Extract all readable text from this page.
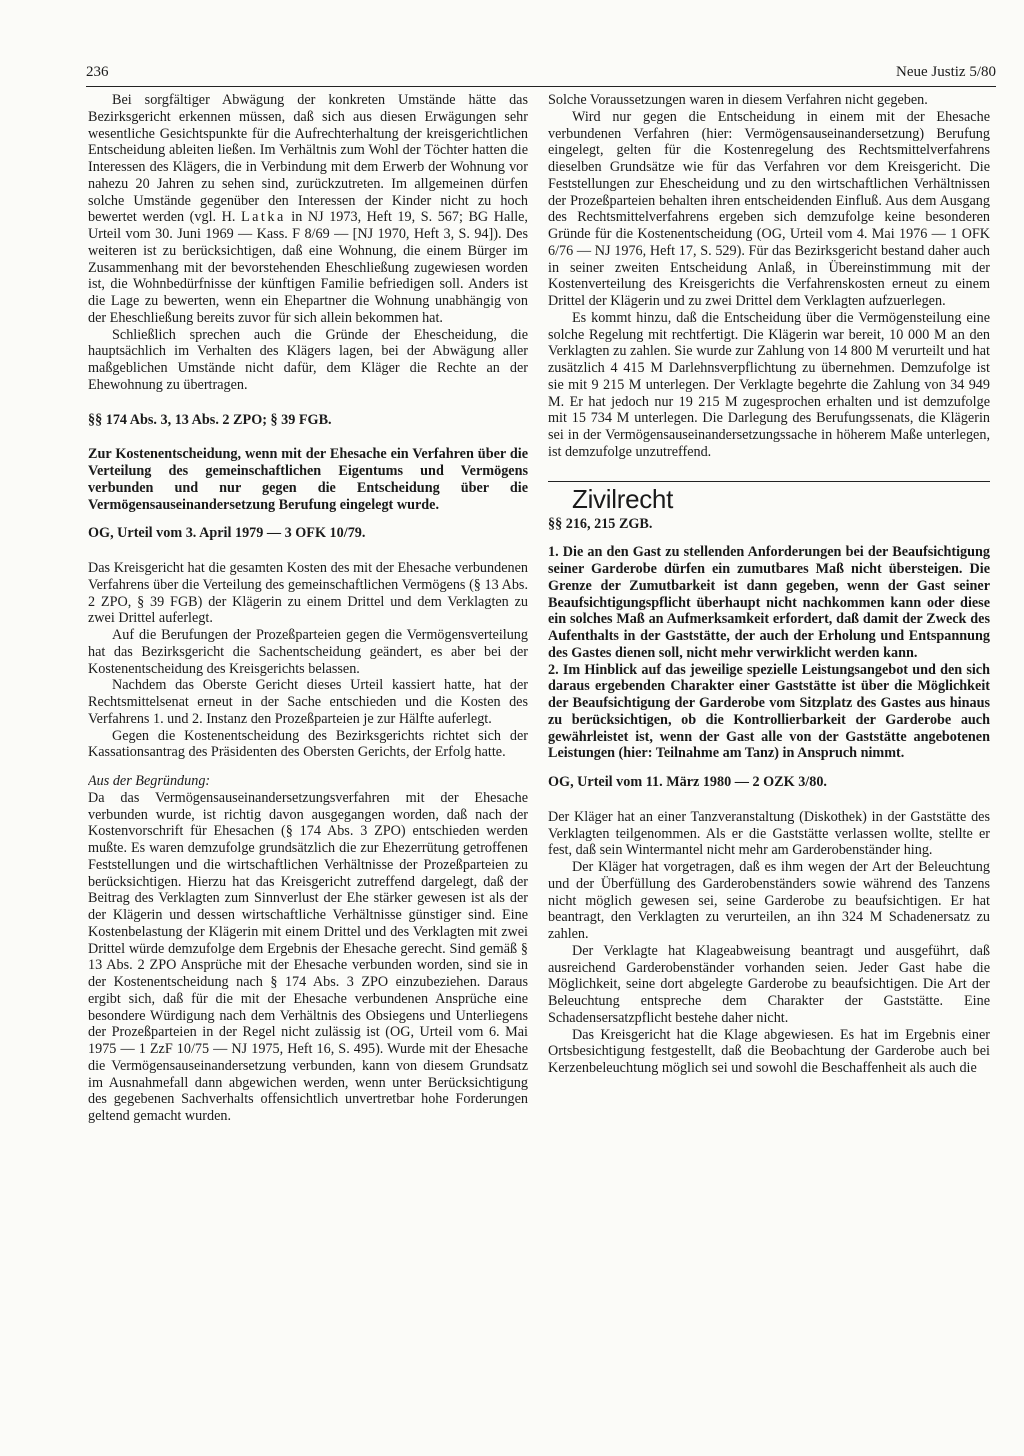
236	Neue Justiz 5/80

Bei sorgfältiger Abwägung der konkreten Umstände hätte das Bezirksgericht erkennen müssen, daß sich aus diesen Erwägungen sehr wesentliche Gesichtspunkte für die Aufrechterhaltung der kreisgerichtlichen Entscheidung ableiten ließen. Im Verhältnis zum Wohl der Töchter hatten die Interessen des Klägers, die in Verbindung mit dem Erwerb der Wohnung vor nahezu 20 Jahren zu sehen sind, zurückzutreten. Im allgemeinen dürfen solche Umstände gegenüber den Interessen der Kinder nicht zu hoch bewertet werden (vgl. H. Latka in NJ 1973, Heft 19, S. 567; BG Halle, Urteil vom 30. Juni 1969 — Kass. F 8/69 — [NJ 1970, Heft 3, S. 94]). Des weiteren ist zu berücksichtigen, daß eine Wohnung, die einem Bürger im Zusammenhang mit der bevorstehenden Eheschließung zugewiesen worden ist, die Wohnbedürfnisse der künftigen Familie befriedigen soll. Anders ist die Lage zu bewerten, wenn ein Ehepartner die Wohnung unabhängig von der Eheschließung bereits zuvor für sich allein bekommen hat.

Schließlich sprechen auch die Gründe der Ehescheidung, die hauptsächlich im Verhalten des Klägers lagen, bei der Abwägung aller maßgeblichen Umstände nicht dafür, dem Kläger die Rechte an der Ehewohnung zu übertragen.

§§ 174 Abs. 3, 13 Abs. 2 ZPO; § 39 FGB.

Zur Kostenentscheidung, wenn mit der Ehesache ein Verfahren über die Verteilung des gemeinschaftlichen Eigentums und Vermögens verbunden und nur gegen die Entscheidung über die Vermögensauseinandersetzung Berufung eingelegt wurde.

OG, Urteil vom 3. April 1979 — 3 OFK 10/79.

Das Kreisgericht hat die gesamten Kosten des mit der Ehesache verbundenen Verfahrens über die Verteilung des gemeinschaftlichen Vermögens (§ 13 Abs. 2 ZPO, § 39 FGB) der Klägerin zu einem Drittel und dem Verklagten zu zwei Drittel auferlegt.

Auf die Berufungen der Prozeßparteien gegen die Vermögensverteilung hat das Bezirksgericht die Sachentscheidung geändert, es aber bei der Kostenentscheidung des Kreisgerichts belassen.

Nachdem das Oberste Gericht dieses Urteil kassiert hatte, hat der Rechtsmittelsenat erneut in der Sache entschieden und die Kosten des Verfahrens 1. und 2. Instanz den Prozeßparteien je zur Hälfte auferlegt.

Gegen die Kostenentscheidung des Bezirksgerichts richtet sich der Kassationsantrag des Präsidenten des Obersten Gerichts, der Erfolg hatte.

Aus der Begründung:

Da das Vermögensauseinandersetzungsverfahren mit der Ehesache verbunden wurde, ist richtig davon ausgegangen worden, daß nach der Kostenvorschrift für Ehesachen (§ 174 Abs. 3 ZPO) entschieden werden mußte. Es waren demzufolge grundsätzlich die zur Ehezerrütung getroffenen Feststellungen und die wirtschaftlichen Verhältnisse der Prozeßparteien zu berücksichtigen. Hierzu hat das Kreisgericht zutreffend dargelegt, daß der Beitrag des Verklagten zum Sinnverlust der Ehe stärker gewesen ist als der der Klägerin und dessen wirtschaftliche Verhältnisse günstiger sind. Eine Kostenbelastung der Klägerin mit einem Drittel und des Verklagten mit zwei Drittel würde demzufolge dem Ergebnis der Ehesache gerecht. Sind gemäß § 13 Abs. 2 ZPO Ansprüche mit der Ehesache verbunden worden, sind sie in der Kostenentscheidung nach § 174 Abs. 3 ZPO einzubeziehen. Daraus ergibt sich, daß für die mit der Ehesache verbundenen Ansprüche eine besondere Würdigung nach dem Verhältnis des Obsiegens und Unterliegens der Prozeßparteien in der Regel nicht zulässig ist (OG, Urteil vom 6. Mai 1975 — 1 ZzF 10/75 — NJ 1975, Heft 16, S. 495). Wurde mit der Ehesache die Vermögensauseinandersetzung verbunden, kann von diesem Grundsatz im Ausnahmefall dann abgewichen werden, wenn unter Berücksichtigung des gegebenen Sachverhalts offensichtlich unvertretbar hohe Forderungen geltend gemacht wurden.

Solche Voraussetzungen waren in diesem Verfahren nicht gegeben.

Wird nur gegen die Entscheidung in einem mit der Ehesache verbundenen Verfahren (hier: Vermögensauseinandersetzung) Berufung eingelegt, gelten für die Kostenregelung des Rechtsmittelverfahrens dieselben Grundsätze wie für das Verfahren vor dem Kreisgericht. Die Feststellungen zur Ehescheidung und zu den wirtschaftlichen Verhältnissen der Prozeßparteien behalten ihren entscheidenden Einfluß. Aus dem Ausgang des Rechtsmittelverfahrens ergeben sich demzufolge keine besonderen Gründe für die Kostenentscheidung (OG, Urteil vom 4. Mai 1976 — 1 OFK 6/76 — NJ 1976, Heft 17, S. 529). Für das Bezirksgericht bestand daher auch in seiner zweiten Entscheidung Anlaß, in Übereinstimmung mit der Kostenverteilung des Kreisgerichts die Verfahrenskosten erneut zu einem Drittel der Klägerin und zu zwei Drittel dem Verklagten aufzuerlegen.

Es kommt hinzu, daß die Entscheidung über die Vermögensteilung eine solche Regelung mit rechtfertigt. Die Klägerin war bereit, 10 000 M an den Verklagten zu zahlen. Sie wurde zur Zahlung von 14 800 M verurteilt und hat zusätzlich 4 415 M Darlehnsverpflichtung zu übernehmen. Demzufolge ist sie mit 9 215 M unterlegen. Der Verklagte begehrte die Zahlung von 34 949 M. Er hat jedoch nur 19 215 M zugesprochen erhalten und ist demzufolge mit 15 734 M unterlegen. Die Darlegung des Berufungssenats, die Klägerin sei in der Vermögensauseinandersetzungssache in höherem Maße unterlegen, ist demzufolge unzutreffend.

Zivilrecht

§§ 216, 215 ZGB.

1. Die an den Gast zu stellenden Anforderungen bei der Beaufsichtigung seiner Garderobe dürfen ein zumutbares Maß nicht übersteigen. Die Grenze der Zumutbarkeit ist dann gegeben, wenn der Gast seiner Beaufsichtigungspflicht überhaupt nicht nachkommen kann oder diese ein solches Maß an Aufmerksamkeit erfordert, daß damit der Zweck des Aufenthalts in der Gaststätte, der auch der Erholung und Entspannung des Gastes dienen soll, nicht mehr verwirklicht werden kann.

2. Im Hinblick auf das jeweilige spezielle Leistungsangebot und den sich daraus ergebenden Charakter einer Gaststätte ist über die Möglichkeit der Beaufsichtigung der Garderobe vom Sitzplatz des Gastes aus hinaus zu berücksichtigen, ob die Kontrollierbarkeit der Garderobe auch gewährleistet ist, wenn der Gast alle von der Gaststätte angebotenen Leistungen (hier: Teilnahme am Tanz) in Anspruch nimmt.

OG, Urteil vom 11. März 1980 — 2 OZK 3/80.

Der Kläger hat an einer Tanzveranstaltung (Diskothek) in der Gaststätte des Verklagten teilgenommen. Als er die Gaststätte verlassen wollte, stellte er fest, daß sein Wintermantel nicht mehr am Garderobenständer hing.

Der Kläger hat vorgetragen, daß es ihm wegen der Art der Beleuchtung und der Überfüllung des Garderobenständers sowie während des Tanzens nicht möglich gewesen sei, seine Garderobe zu beaufsichtigen. Er hat beantragt, den Verklagten zu verurteilen, an ihn 324 M Schadenersatz zu zahlen.

Der Verklagte hat Klageabweisung beantragt und ausgeführt, daß ausreichend Garderobenständer vorhanden seien. Jeder Gast habe die Möglichkeit, seine dort abgelegte Garderobe zu beaufsichtigen. Die Art der Beleuchtung entspreche dem Charakter der Gaststätte. Eine Schadensersatzpflicht bestehe daher nicht.

Das Kreisgericht hat die Klage abgewiesen. Es hat im Ergebnis einer Ortsbesichtigung festgestellt, daß die Beobachtung der Garderobe auch bei Kerzenbeleuchtung möglich sei und sowohl die Beschaffenheit als auch die
